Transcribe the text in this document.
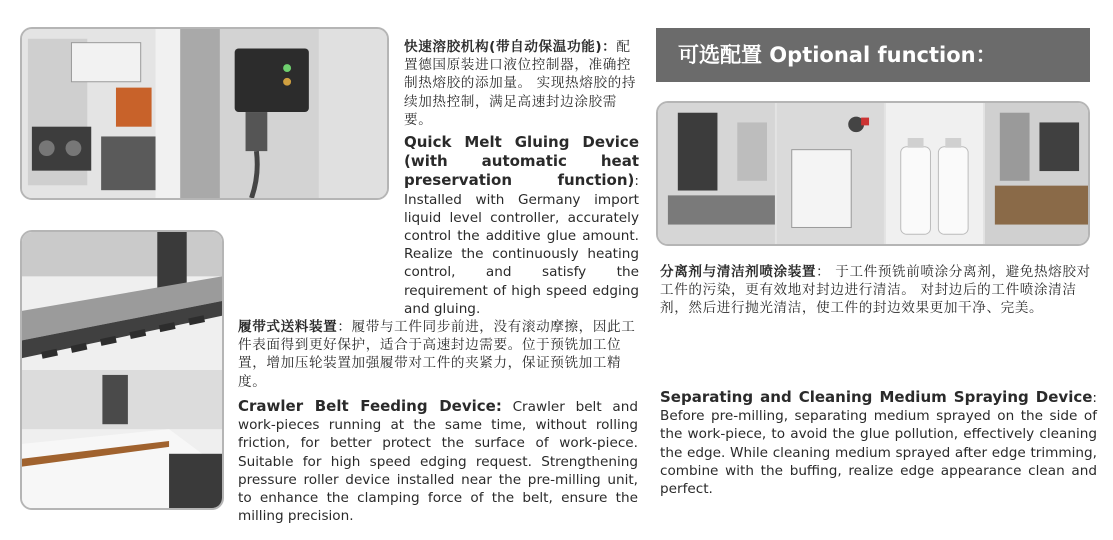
快速溶胶机构(带自动保温功能)：配置德国原装进口液位控制器，准确控制热熔胶的添加量。 实现热熔胶的持续加热控制，满足高速封边涂胶需要。
Quick Melt Gluing Device (with automatic heat preservation function): Installed with Germany import liquid level controller, accurately control the additive glue amount. Realize the continuously heating control, and satisfy the requirement of high speed edging and gluing.
履带式送料装置：履带与工件同步前进，没有滚动摩擦，因此工件表面得到更好保护，适合于高速封边需要。位于预铣加工位置，增加压轮装置加强履带对工件的夹紧力，保证预铣加工精度。
Crawler Belt Feeding Device: Crawler belt and work-pieces running at the same time, without rolling friction, for better protect the surface of work-piece. Suitable for high speed edging request. Strengthening pressure roller device installed near the pre-milling unit, to enhance the clamping force of the belt, ensure the milling precision.
可选配置 Optional function：
分离剂与清洁剂喷涂装置： 于工件预铣前喷涂分离剂，避免热熔胶对工件的污染，更有效地对封边进行清洁。 对封边后的工件喷涂清洁剂，然后进行抛光清洁，使工件的封边效果更加干净、完美。
Separating and Cleaning Medium Spraying Device: Before pre-milling, separating medium sprayed on the side of the work-piece, to avoid the glue pollution, effectively cleaning the edge. While cleaning medium sprayed after edge trimming, combine with the buffing, realize edge appearance clean and perfect.
